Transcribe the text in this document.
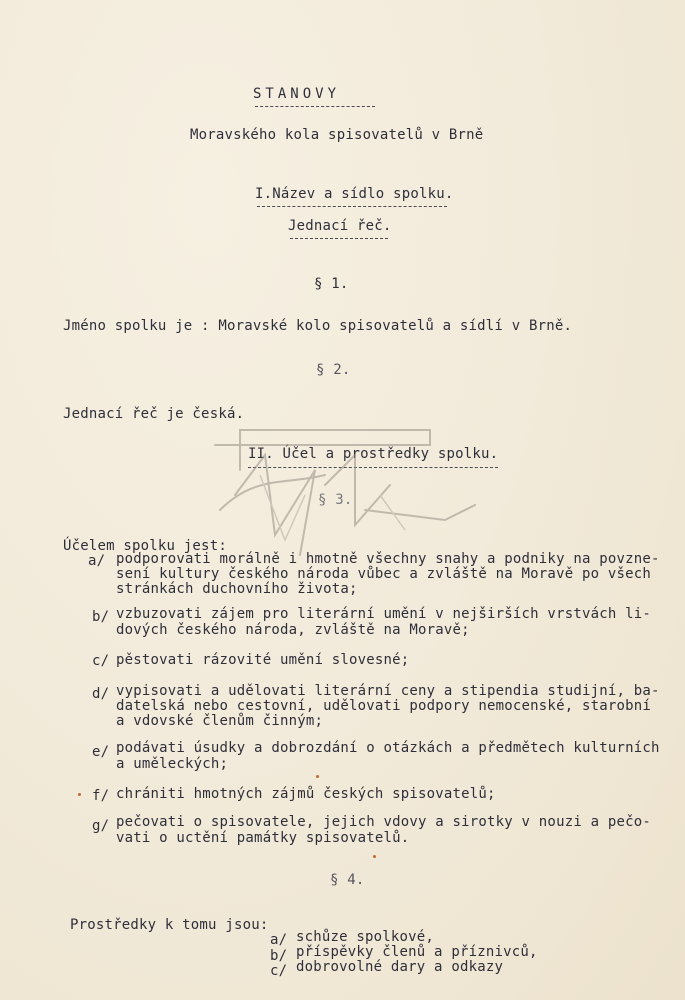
STANOVY
Moravského kola spisovatelů v Brně
I.Název a sídlo spolku.
Jednací řeč.
§ 1.
Jméno spolku je : Moravské kolo spisovatelů a sídlí v Brně.
§ 2.
Jednací řeč je česká.
II. Účel a prostředky spolku.
§ 3.
Účelem spolku jest:
a/ podporovati morálně i hmotně všechny snahy a podniky na povzne-
sení kultury českého národa vůbec a zvláště na Moravě po všech
stránkách duchovního života;
b/ vzbuzovati zájem pro literární umění v nejširších vrstvách li-
dových českého národa, zvláště na Moravě;
c/ pěstovati rázovité umění slovesné;
d/ vypisovati a udělovati literární ceny a stipendia studijní, ba-
datelská nebo cestovní, udělovati podpory nemocenské, starobní
a vdovské členům činným;
e/ podávati úsudky a dobrozdání o otázkách a předmětech kulturních
a uměleckých;
f/ chrániti hmotných zájmů českých spisovatelů;
g/ pečovati o spisovatele, jejich vdovy a sirotky v nouzi a pečo-
vati o uctění památky spisovatelů.
§ 4.
Prostředky k tomu jsou:
a/ schůze spolkové,
b/ příspěvky členů a příznivců,
c/ dobrovolné dary a odkazy
